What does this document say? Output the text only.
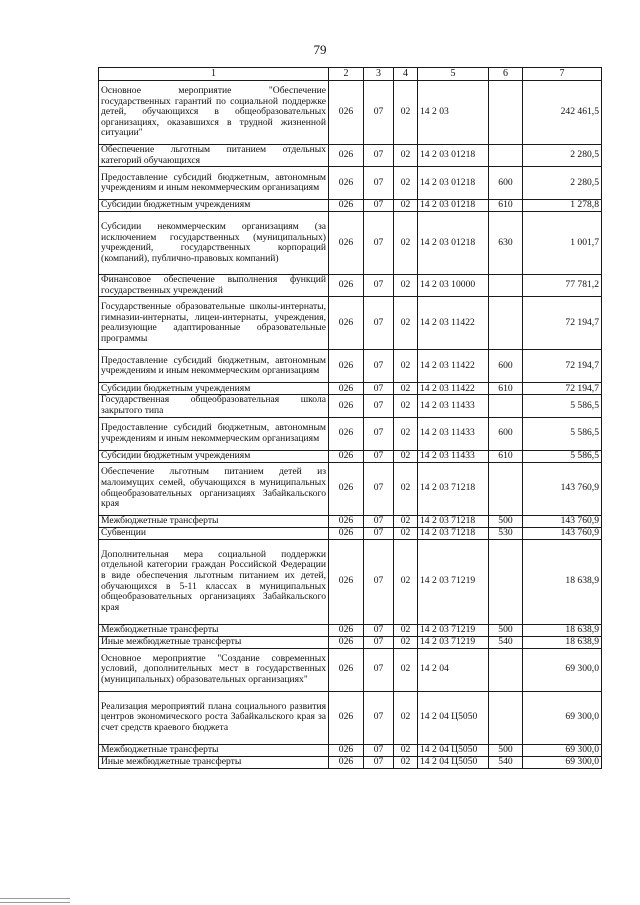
79
1	2	3	4	5	6	7
Основное мероприятие "Обеспечение государственных гарантий по социальной поддержке детей, обучающихся в общеобразовательных организациях, оказавшихся в трудной жизненной ситуации"	026	07	02	14 2 03		242 461,5
Обеспечение льготным питанием отдельных категорий обучающихся	026	07	02	14 2 03 01218		2 280,5
Предоставление субсидий бюджетным, автономным учреждениям и иным некоммерческим организациям	026	07	02	14 2 03 01218	600	2 280,5
Субсидии бюджетным учреждениям	026	07	02	14 2 03 01218	610	1 278,8
Субсидии некоммерческим организациям (за исключением государственных (муниципальных) учреждений, государственных корпораций (компаний), публично-правовых компаний)	026	07	02	14 2 03 01218	630	1 001,7
Финансовое обеспечение выполнения функций государственных учреждений	026	07	02	14 2 03 10000		77 781,2
Государственные образовательные школы-интернаты, гимназии-интернаты, лицеи-интернаты, учреждения, реализующие адаптированные образовательные программы	026	07	02	14 2 03 11422		72 194,7
Предоставление субсидий бюджетным, автономным учреждениям и иным некоммерческим организациям	026	07	02	14 2 03 11422	600	72 194,7
Субсидии бюджетным учреждениям	026	07	02	14 2 03 11422	610	72 194,7
Государственная общеобразовательная школа закрытого типа	026	07	02	14 2 03 11433		5 586,5
Предоставление субсидий бюджетным, автономным учреждениям и иным некоммерческим организациям	026	07	02	14 2 03 11433	600	5 586,5
Субсидии бюджетным учреждениям	026	07	02	14 2 03 11433	610	5 586,5
Обеспечение льготным питанием детей из малоимущих семей, обучающихся в муниципальных общеобразовательных организациях Забайкальского края	026	07	02	14 2 03 71218		143 760,9
Межбюджетные трансферты	026	07	02	14 2 03 71218	500	143 760,9
Субвенции	026	07	02	14 2 03 71218	530	143 760,9
Дополнительная мера социальной поддержки отдельной категории граждан Российской Федерации в виде обеспечения льготным питанием их детей, обучающихся в 5-11 классах в муниципальных общеобразовательных организациях Забайкальского края	026	07	02	14 2 03 71219		18 638,9
Межбюджетные трансферты	026	07	02	14 2 03 71219	500	18 638,9
Иные межбюджетные трансферты	026	07	02	14 2 03 71219	540	18 638,9
Основное мероприятие "Создание современных условий, дополнительных мест в государственных (муниципальных) образовательных организациях"	026	07	02	14 2 04		69 300,0
Реализация мероприятий плана социального развития центров экономического роста Забайкальского края за счет средств краевого бюджета	026	07	02	14 2 04 Ц5050		69 300,0
Межбюджетные трансферты	026	07	02	14 2 04 Ц5050	500	69 300,0
Иные межбюджетные трансферты	026	07	02	14 2 04 Ц5050	540	69 300,0
